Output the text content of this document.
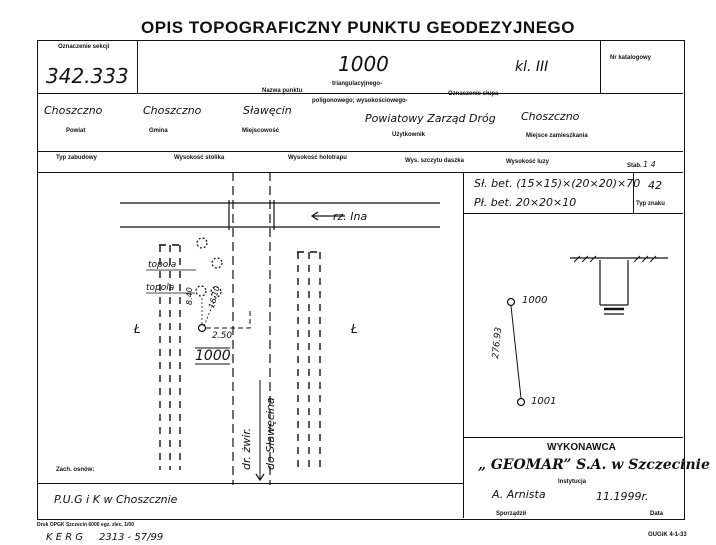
OPIS TOPOGRAFICZNY PUNKTU GEODEZYJNEGO
Oznaczenie sekcji
342.333	1000
Nazwa punktu
triangulacyjnego-
poligonowego; wysokościowego-
kl. III
Oznaczenie słupa
Nr katalogowy
Choszczno
Powiat
Choszczno
Gmina
Sławęcin
Miejscowość
Powiatowy Zarząd Dróg
Użytkownik
Choszczno
Miejsce zamieszkania
Typ zabudowy	Wysokość stolika	Wysokość holotrapu	Wys. szczytu daszka	Wysokość luzy
Stab. 1 4
Sł. bet. (15×15)×(20×20)×70
Pł. bet. 20×20×10
42
Typ znaku
rz. Ina
topola
topola 8.40 16.10
2.50
1000
Ł	Ł
dr. żwir. do Sławęcina
1000
1001
276.93
WYKONAWCA
„ GEOMAR” S.A. w Szczecinie
Instytucja
A. Arnista	11.1999r.
Sporządził	Data
Zach. osnów:
P.U.G i K w Choszcznie
Druk OPGK Szczecin 6000 egz. zlec. 1/00
K E R G     2313 - 57/99	GUGiK 4-1-33
